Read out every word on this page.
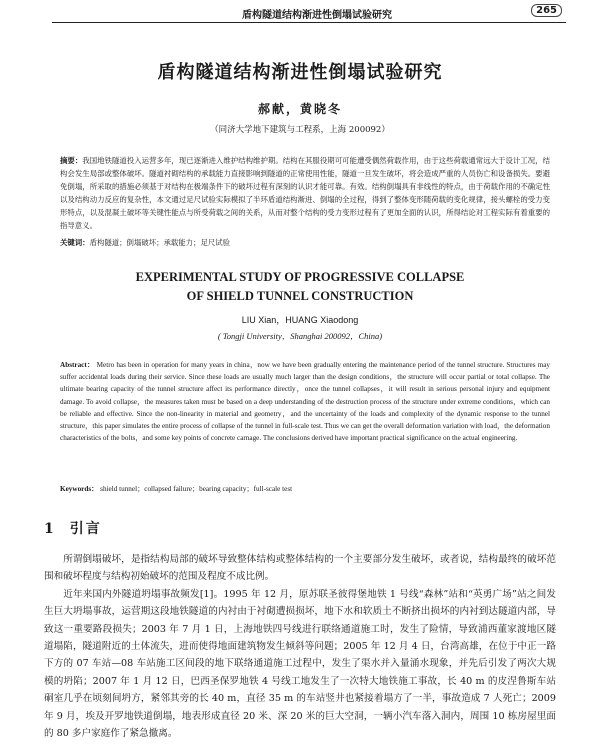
盾构隧道结构渐进性倒塌试验研究	265
盾构隧道结构渐进性倒塌试验研究
郝献，黄晓冬
（同济大学地下建筑与工程系，上海 200092）

摘要：我国地铁隧道投入运营多年，现已逐渐进入维护结构维护期。结构在其服役期可可能遭受偶然荷载作用，由于这些荷载通常远大于设计工况，结构会发生局部或整体破坏。隧道衬砌结构的承载能力直接影响到隧道的正常使用性能，隧道一旦发生破坏，将会造成严重的人员伤亡和设备损失。要避免倒塌，所采取的措施必须基于对结构在极端条件下的破坏过程有深刻的认识才能可靠。有效。结构倒塌具有非线性的特点，由于荷载作用的不确定性以及结构动力反应的复杂性，本文通过足尺试验实际模拟了半环盾道结构渐进、倒塌的全过程，得到了整体变形随荷载的变化规律，接头螺栓的受力变形特点，以及混凝土破坏等关键性能点与所受荷载之间的关系，从而对整个结构的受力变形过程有了更加全面的认识，所得结论对工程实际有着重要的指导意义。

关键词：盾构隧道；倒塌破坏；承载能力；足尺试验

EXPERIMENTAL STUDY OF PROGRESSIVE COLLAPSE
OF SHIELD TUNNEL CONSTRUCTION
LIU Xian，HUANG Xiaodong
( Tongji University，Shanghai 200092，China)

Abstract： Metro has been in operation for many years in china，now we have been gradually entering the maintenance period of the tunnel structure. Structures may suffer accidental loads during their service. Since these loads are usually much larger than the design conditions，the structure will occur partial or total collapse. The ultimate bearing capacity of the tunnel structure affect its performance directly，once the tunnel collapses，it will result in serious personal injury and equipment damage. To avoid collapse，the measures taken must be based on a deep understanding of the destruction process of the structure under extreme conditions，which can be reliable and effective. Since the non-linearity in material and geometry，and the uncertainty of the loads and complexity of the dynamic response to the tunnel structure，this paper simulates the entire process of collapse of the tunnel in full-scale test. Thus we can get the overall deformation variation with load，the deformation characteristics of the bolts，and some key points of concrete carnage. The conclusions derived have important practical significance on the actual engineering.

Keywords： shield tunnel；collapsed failure；bearing capacity；full-scale test

1 引言

所谓倒塌破坏，是指结构局部的破坏导致整体结构或整体结构的一个主要部分发生破坏，或者说，结构最终的破坏范围和破坏程度与结构初始破坏的范围及程度不成比例。

近年来国内外隧道坍塌事故频发[1]。1995 年 12 月，原苏联圣彼得堡地铁 1 号线“森林”站和“英勇广场”站之间发生巨大坍塌事故，运营期这段地铁隧道的内衬由于衬砌遭损损坏，地下水和软质土不断挤出损坏的内衬到达隧道内部，导致这一重要路段损失；2003 年 7 月 1 日，上海地铁四号线进行联络通道施工时，发生了险情，导致浦西董家渡地区隧道塌陷，隧道附近的土体流失，进而使得地面建筑物发生倾斜等问题；2005 年 12 月 4 日，台湾高雄，在位于中正一路下方的 07 车站—08 车站施工区间段的地下联络通道施工过程中，发生了渠水并入量涌水现象，并先后引发了两次大规模的坍陷；2007 年 1 月 12 日，巴西圣保罗地铁 4 号线工地发生了一次特大地铁施工事故，长 40 m 的皮涅鲁斯车站硐室几乎在顷刻间坍方，紧邻其旁的长 40 m，直径 35 m 的车站竖井也紧接着塌方了一半，事故造成 7 人死亡；2009 年 9 月，埃及开罗地铁道倒塌，地表形成直径 20 米、深 20 米的巨大空洞，一辆小汽车落入洞内，周围 10 栋房屋里面的 80 多户家庭作了紧急撤离。
